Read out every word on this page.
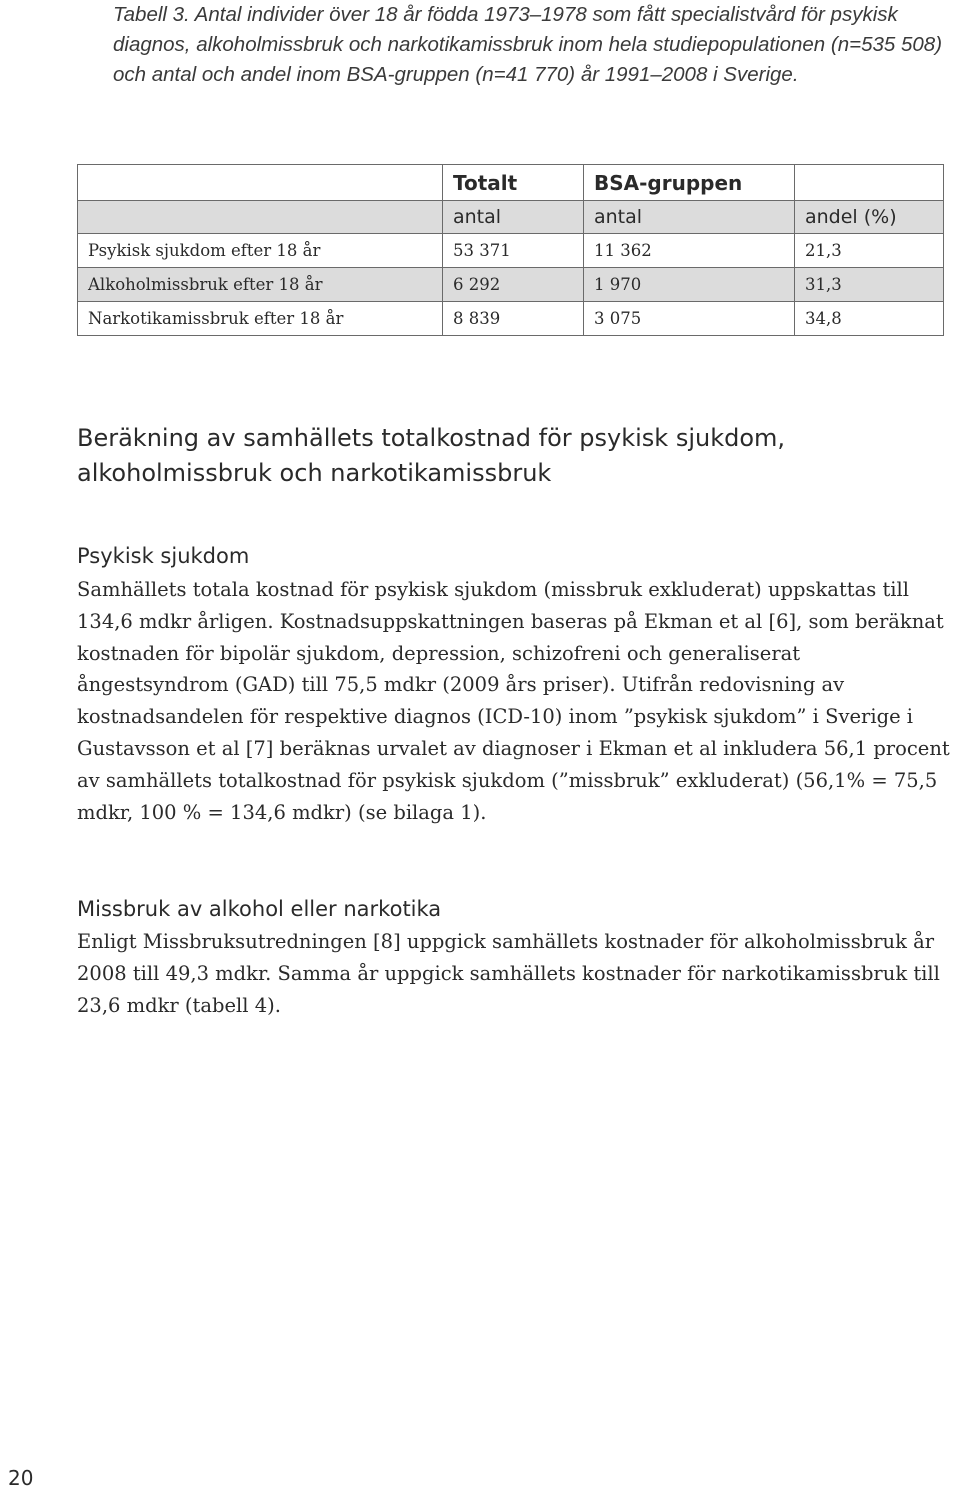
Tabell 3. Antal individer över 18 år födda 1973–1978 som fått specialistvård för psykisk diagnos, alkoholmissbruk och narkotikamissbruk inom hela studiepopulationen (n=535 508) och antal och andel inom BSA-gruppen (n=41 770) år 1991–2008 i Sverige.

	Totalt	BSA-gruppen	
	antal	antal	andel (%)
Psykisk sjukdom efter 18 år	53 371	11 362	21,3
Alkoholmissbruk efter 18 år	6 292	1 970	31,3
Narkotikamissbruk efter 18 år	8 839	3 075	34,8
Beräkning av samhällets totalkostnad för psykisk sjukdom, alkoholmissbruk och narkotikamissbruk
Psykisk sjukdom

Samhällets totala kostnad för psykisk sjukdom (missbruk exkluderat) uppskattas till 134,6 mdkr årligen. Kostnadsuppskattningen baseras på Ekman et al [6], som beräknat kostnaden för bipolär sjukdom, depression, schizofreni och generaliserat ångestsyndrom (GAD) till 75,5 mdkr (2009 års priser). Utifrån redovisning av kostnadsandelen för respektive diagnos (ICD-10) inom ”psykisk sjukdom” i Sverige i Gustavsson et al [7] beräknas urvalet av diagnoser i Ekman et al inkludera 56,1 procent av samhällets totalkostnad för psykisk sjukdom (”missbruk” exkluderat) (56,1% = 75,5 mdkr, 100 % = 134,6 mdkr) (se bilaga 1).

Missbruk av alkohol eller narkotika

Enligt Missbruksutredningen [8] uppgick samhällets kostnader för alkoholmissbruk år 2008 till 49,3 mdkr. Samma år uppgick samhällets kostnader för narkotikamissbruk till 23,6 mdkr (tabell 4).

20
